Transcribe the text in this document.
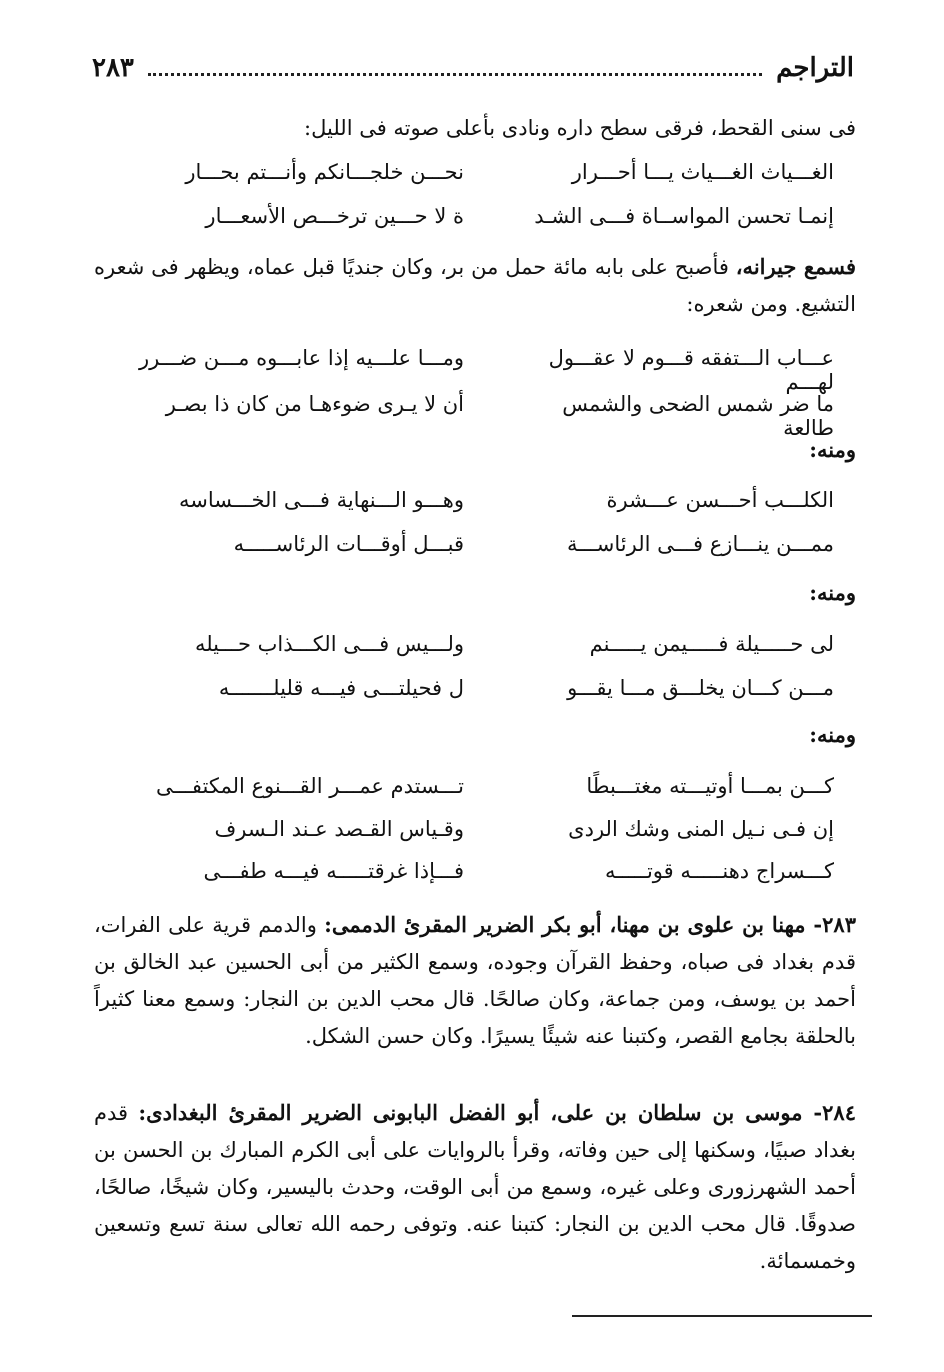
التراجم
٢٨٣
فى سنى القحط، فرقى سطح داره ونادى بأعلى صوته فى الليل:
الغـــياث الغـــياث يـــا أحـــرار
نحـــن خلجـــانكم وأنـــتم بحـــار
إنمـا تحسن المواســاة فـــى الشـد
ة لا حـــين ترخـــص الأسعـــار
فسمع جيرانه، فأصبح على بابه مائة حمل من بر، وكان جنديًا قبل عماه، ويظهر فى شعره التشيع. ومن شعره:
عـــاب الـــتفقه قـــوم لا عقـــول لهـــم
ومـــا علـــيه إذا عابـــوه مـــن ضـــرر
ما ضر شمس الضحى والشمس طالعة
أن لا يـرى ضوءهـا من كان ذا بصـر
ومنه:
الكلـــب أحـــسن عـــشرة
وهـــو الـــنهاية فـــى الخـــساسه
ممـــن ينـــازع فـــى الرئاســـة
قبـــل أوقـــات الرئاســـــه
ومنه:
لى حـــــيلة فـــــيمن يـــــنم
ولـــيس فـــى الكـــذاب حـــيله
مـــن كـــان يخلـــق مـــا يقـــو
ل فحيلتـــى فيـــه قليلـــــــه
ومنه:
كـــن بمـــا أوتيـــته مغتـــبطًا
تـــستدم عمـــر القـــنوع المكتفـــى
إن فـى نـيل المنى وشك الردى
وقـياس القـصد عـند الـسرف
كـــسراج دهنـــــه قوتـــــه
فـــإذا غرقتـــــه فيـــه طفـــى
٢٨٣- مهنا بن علوى بن مهنا، أبو بكر الضرير المقرئ الدممى: والدمم قرية على الفرات، قدم بغداد فى صباه، وحفظ القرآن وجوده، وسمع الكثير من أبى الحسين عبد الخالق بن أحمد بن يوسف، ومن جماعة، وكان صالحًا. قال محب الدين بن النجار: وسمع معنا كثيراً بالحلقة بجامع القصر، وكتبنا عنه شيئًا يسيرًا. وكان حسن الشكل.
٢٨٤- موسى بن سلطان بن على، أبو الفضل البابونى الضرير المقرئ البغدادى: قدم بغداد صبيًا، وسكنها إلى حين وفاته، وقرأ بالروايات على أبى الكرم المبارك بن الحسن بن أحمد الشهرزورى وعلى غيره، وسمع من أبى الوقت، وحدث باليسير، وكان شيخًا، صالحًا، صدوقًا. قال محب الدين بن النجار: كتبنا عنه. وتوفى رحمه الله تعالى سنة تسع وتسعين وخمسمائة.
